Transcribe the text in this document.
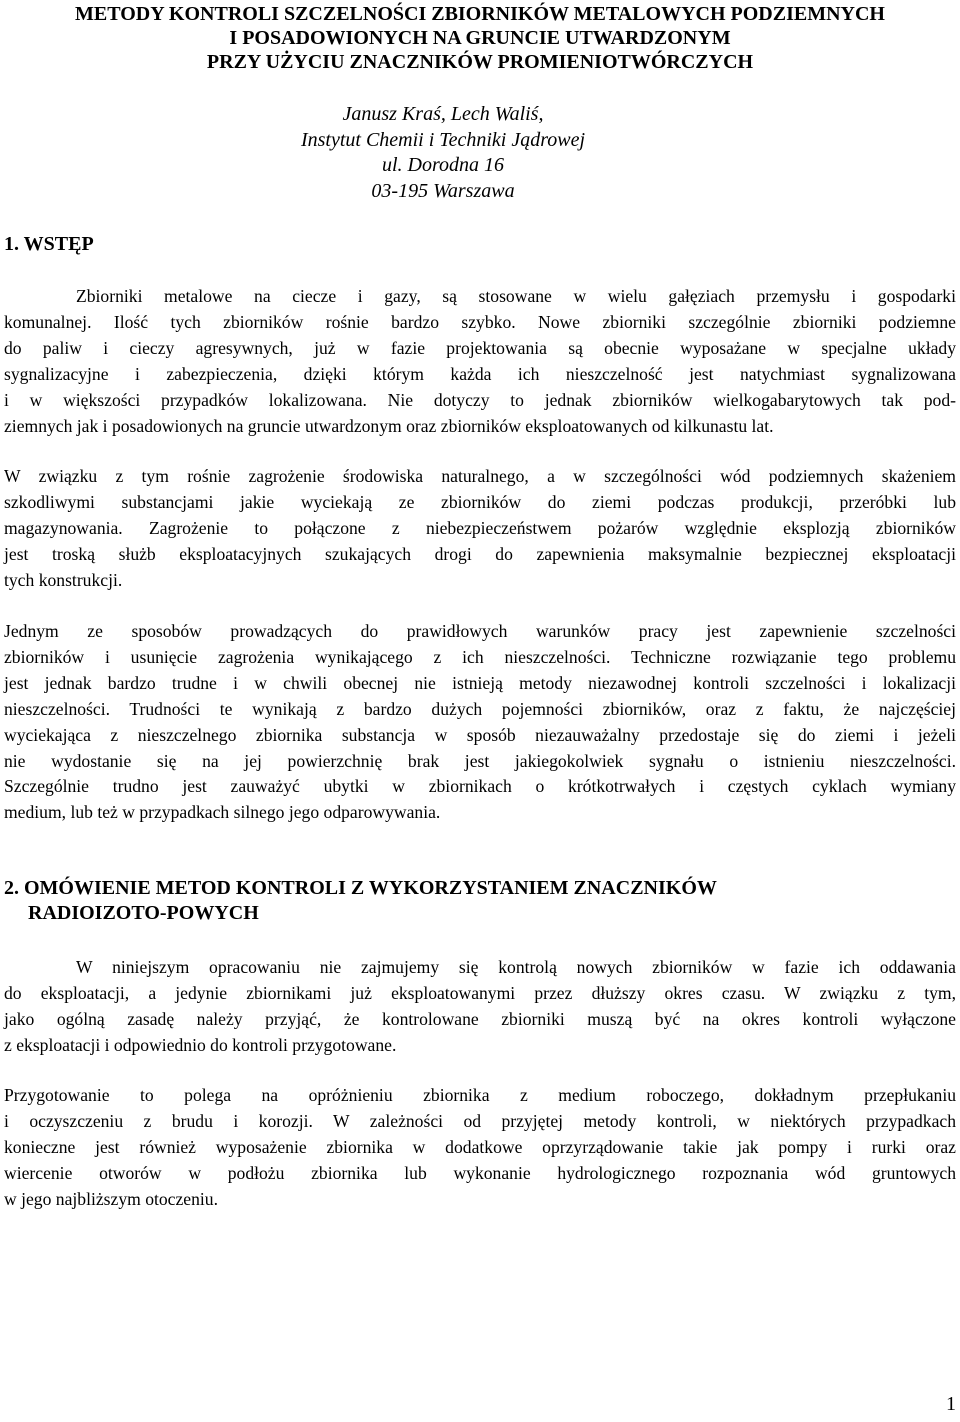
METODY KONTROLI SZCZELNOŚCI ZBIORNIKÓW METALOWYCH PODZIEMNYCH
I POSADOWIONYCH NA GRUNCIE UTWARDZONYM
PRZY UŻYCIU ZNACZNIKÓW PROMIENIOTWÓRCZYCH
Janusz Kraś, Lech Waliś,
Instytut Chemii i Techniki Jądrowej
ul. Dorodna 16
03-195 Warszawa
1. WSTĘP
Zbiorniki metalowe na ciecze i gazy, są stosowane w wielu gałęziach przemysłu i gospodarki
komunalnej. Ilość tych zbiorników rośnie bardzo szybko. Nowe zbiorniki szczególnie zbiorniki podziemne
do paliw i cieczy agresywnych, już w fazie projektowania są obecnie wyposażane w specjalne układy
sygnalizacyjne i zabezpieczenia, dzięki którym każda ich nieszczelność jest natychmiast sygnalizowana
i w większości przypadków lokalizowana. Nie dotyczy to jednak zbiorników wielkogabarytowych tak pod-
ziemnych jak i posadowionych na gruncie utwardzonym oraz zbiorników eksploatowanych od kilkunastu lat.
W związku z tym rośnie zagrożenie środowiska naturalnego, a w szczególności wód podziemnych skażeniem
szkodliwymi substancjami jakie wyciekają ze zbiorników do ziemi podczas produkcji, przeróbki lub
magazynowania. Zagrożenie to połączone z niebezpieczeństwem pożarów względnie eksplozją zbiorników
jest troską służb eksploatacyjnych szukających drogi do zapewnienia maksymalnie bezpiecznej eksploatacji
tych konstrukcji.
Jednym ze sposobów prowadzących do prawidłowych warunków pracy jest zapewnienie szczelności
zbiorników i usunięcie zagrożenia wynikającego z ich nieszczelności. Techniczne rozwiązanie tego problemu
jest jednak bardzo trudne i w chwili obecnej nie istnieją metody niezawodnej kontroli szczelności i lokalizacji
nieszczelności. Trudności te wynikają z bardzo dużych pojemności zbiorników, oraz z faktu, że najczęściej
wyciekająca z nieszczelnego zbiornika substancja w sposób niezauważalny przedostaje się do ziemi i jeżeli
nie wydostanie się na jej powierzchnię brak jest jakiegokolwiek sygnału o istnieniu nieszczelności.
Szczególnie trudno jest zauważyć ubytki w zbiornikach o krótkotrwałych i częstych cyklach wymiany
medium, lub też w przypadkach silnego jego odparowywania.
2. OMÓWIENIE METOD KONTROLI Z WYKORZYSTANIEM ZNACZNIKÓW
RADIOIZOTO-POWYCH
W niniejszym opracowaniu nie zajmujemy się kontrolą nowych zbiorników w fazie ich oddawania
do eksploatacji, a jedynie zbiornikami już eksploatowanymi przez dłuższy okres czasu. W związku z tym,
jako ogólną zasadę należy przyjąć, że kontrolowane zbiorniki muszą być na okres kontroli wyłączone
z eksploatacji i odpowiednio do kontroli przygotowane.
Przygotowanie to polega na opróżnieniu zbiornika z medium roboczego, dokładnym przepłukaniu
i oczyszczeniu z brudu i korozji. W zależności od przyjętej metody kontroli, w niektórych przypadkach
konieczne jest również wyposażenie zbiornika w dodatkowe oprzyrządowanie takie jak pompy i rurki oraz
wiercenie otworów w podłożu zbiornika lub wykonanie hydrologicznego rozpoznania wód gruntowych
w jego najbliższym otoczeniu.
1
